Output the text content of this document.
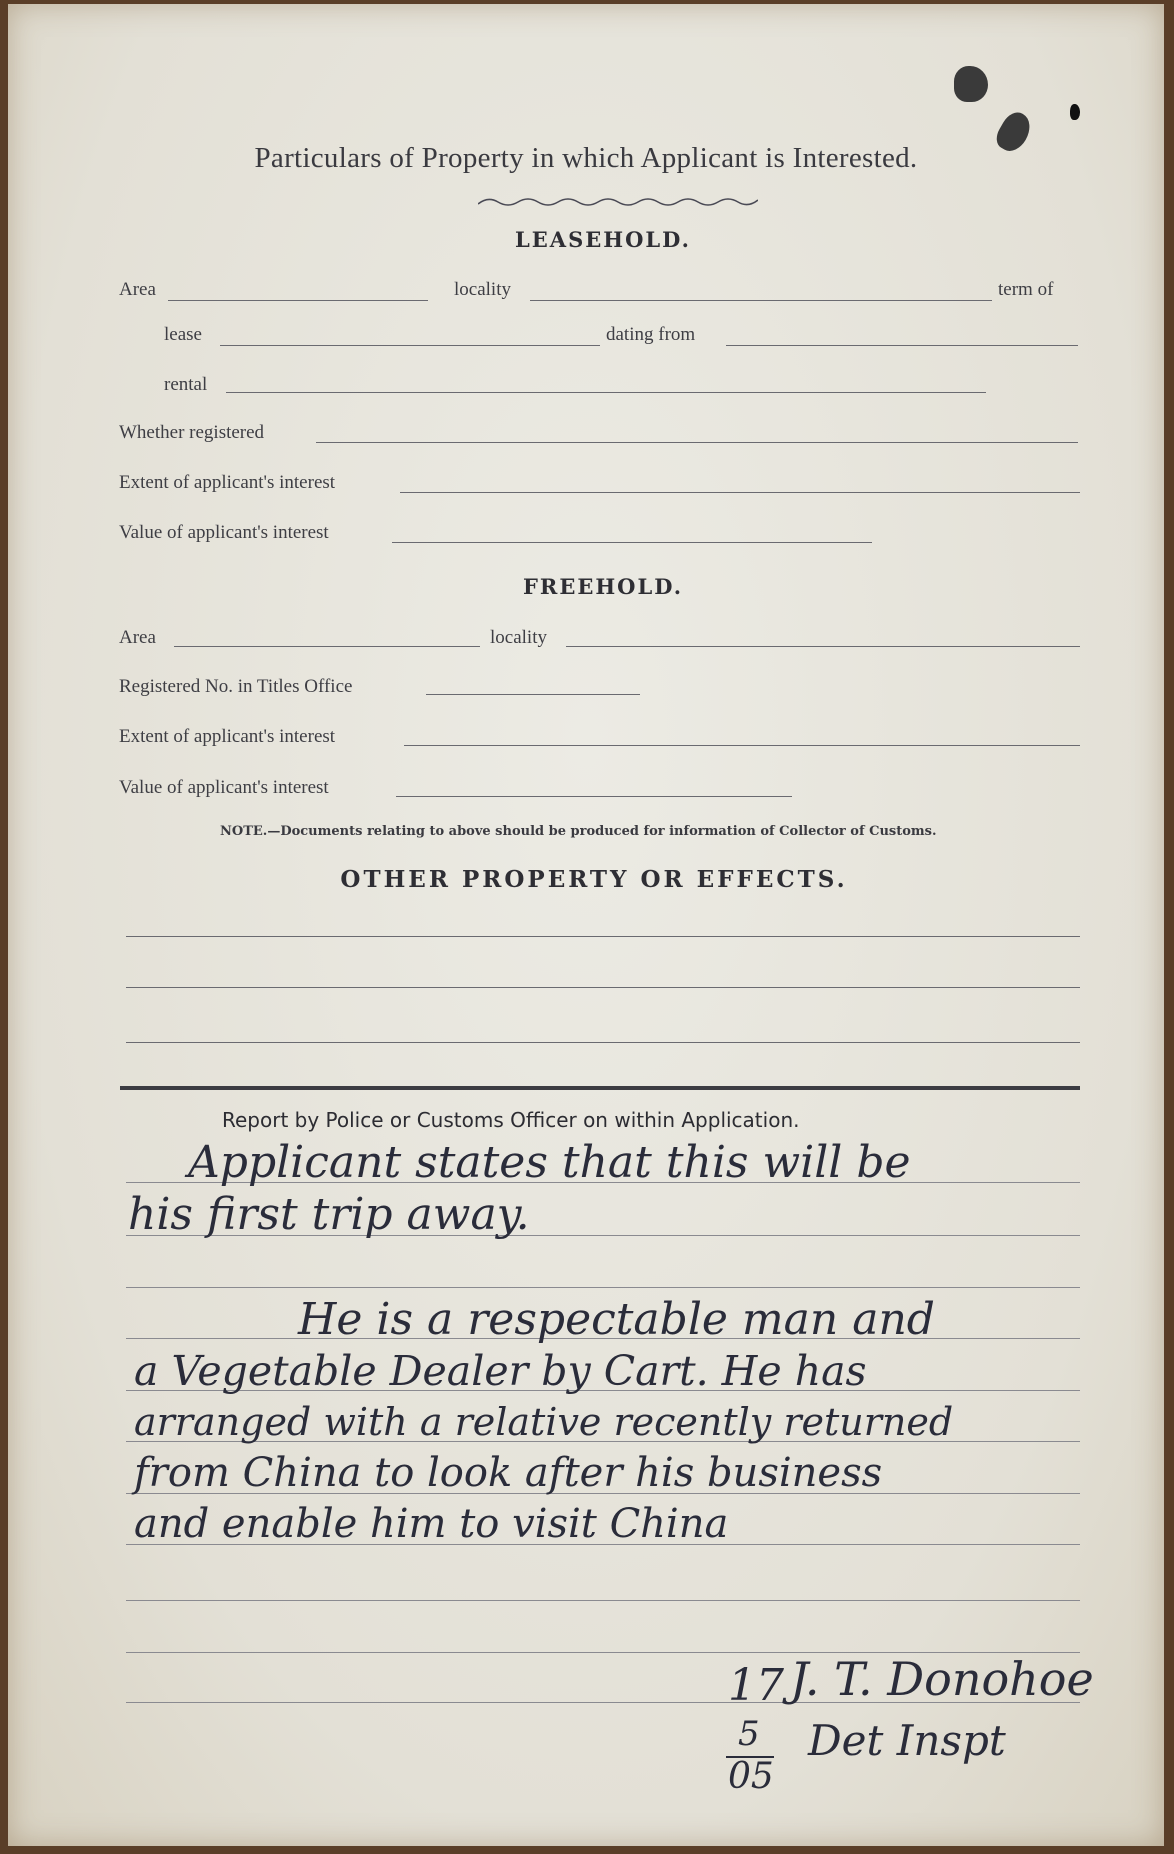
Particulars of Property in which Applicant is Interested.
LEASEHOLD.
Area	locality	term of
lease	dating from
rental
Whether registered
Extent of applicant's interest
Value of applicant's interest
FREEHOLD.
Area	locality
Registered No. in Titles Office
Extent of applicant's interest
Value of applicant's interest
NOTE.—Documents relating to above should be produced for information of Collector of Customs.
OTHER PROPERTY OR EFFECTS.
Report by Police or Customs Officer on within Application.
Applicant states that this will be
his first trip away.
He is a respectable man and
a Vegetable Dealer by Cart. He has
arranged with a relative recently returned
from China to look after his business
and enable him to visit China
17 J. T. Donohoe
5
05
Det Inspt
